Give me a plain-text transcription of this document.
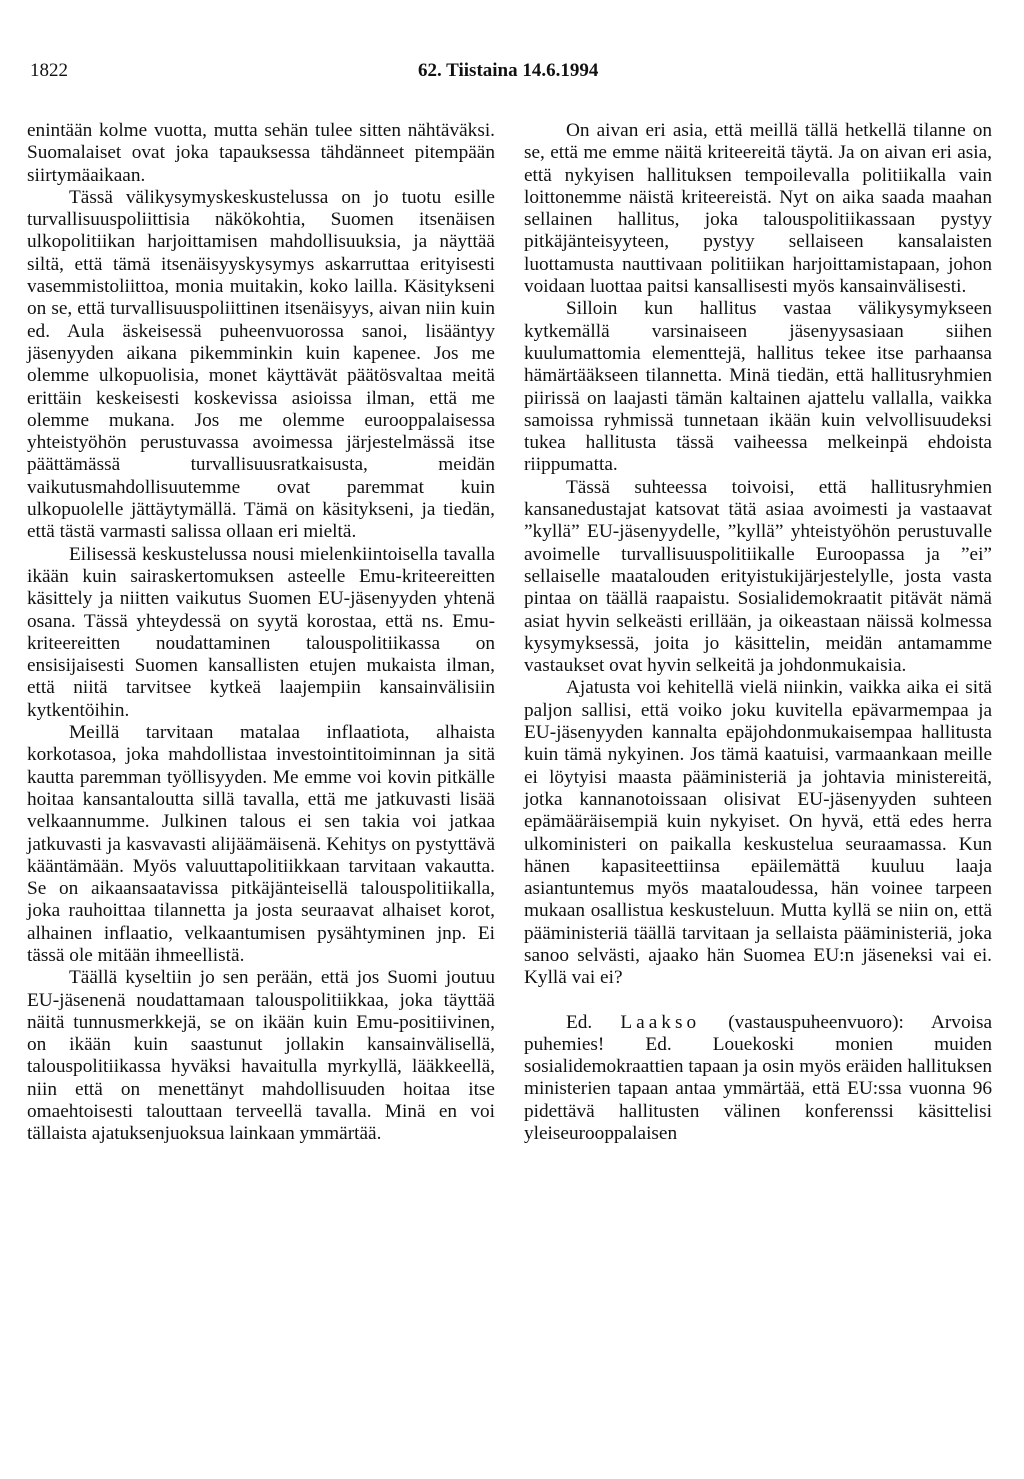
1822	62. Tiistaina 14.6.1994

enintään kolme vuotta, mutta sehän tulee sitten nähtäväksi. Suomalaiset ovat joka tapauksessa tähdänneet pitempään siirtymäaikaan.

Tässä välikysymyskeskustelussa on jo tuotu esille turvallisuuspoliittisia näkökohtia, Suomen itsenäisen ulkopolitiikan harjoittamisen mahdollisuuksia, ja näyttää siltä, että tämä itsenäisyyskysymys askarruttaa erityisesti vasemmistoliittoa, monia muitakin, koko lailla. Käsitykseni on se, että turvallisuuspoliittinen itsenäisyys, aivan niin kuin ed. Aula äskeisessä puheenvuorossa sanoi, lisääntyy jäsenyyden aikana pikemminkin kuin kapenee. Jos me olemme ulkopuolisia, monet käyttävät päätösvaltaa meitä erittäin keskeisesti koskevissa asioissa ilman, että me olemme mukana. Jos me olemme eurooppalaisessa yhteistyöhön perustuvassa avoimessa järjestelmässä itse päättämässä turvallisuusratkaisusta, meidän vaikutusmahdollisuutemme ovat paremmat kuin ulkopuolelle jättäytymällä. Tämä on käsitykseni, ja tiedän, että tästä varmasti salissa ollaan eri mieltä.

Eilisessä keskustelussa nousi mielenkiintoisella tavalla ikään kuin sairaskertomuksen asteelle Emu-kriteereitten käsittely ja niitten vaikutus Suomen EU-jäsenyyden yhtenä osana. Tässä yhteydessä on syytä korostaa, että ns. Emu-kriteereitten noudattaminen talouspolitiikassa on ensisijaisesti Suomen kansallisten etujen mukaista ilman, että niitä tarvitsee kytkeä laajempiin kansainvälisiin kytkentöihin.

Meillä tarvitaan matalaa inflaatiota, alhaista korkotasoa, joka mahdollistaa investointitoiminnan ja sitä kautta paremman työllisyyden. Me emme voi kovin pitkälle hoitaa kansantaloutta sillä tavalla, että me jatkuvasti lisää velkaannumme. Julkinen talous ei sen takia voi jatkaa jatkuvasti ja kasvavasti alijäämäisenä. Kehitys on pystyttävä kääntämään. Myös valuuttapolitiikkaan tarvitaan vakautta. Se on aikaansaatavissa pitkäjänteisellä talouspolitiikalla, joka rauhoittaa tilannetta ja josta seuraavat alhaiset korot, alhainen inflaatio, velkaantumisen pysähtyminen jnp. Ei tässä ole mitään ihmeellistä.

Täällä kyseltiin jo sen perään, että jos Suomi joutuu EU-jäsenenä noudattamaan talouspolitiikkaa, joka täyttää näitä tunnusmerkkejä, se on ikään kuin Emu-positiivinen, on ikään kuin saastunut jollakin kansainvälisellä, talouspolitiikassa hyväksi havaitulla myrkyllä, lääkkeellä, niin että on menettänyt mahdollisuuden hoitaa itse omaehtoisesti talouttaan terveellä tavalla. Minä en voi tällaista ajatuksenjuoksua lainkaan ymmärtää.

On aivan eri asia, että meillä tällä hetkellä tilanne on se, että me emme näitä kriteereitä täytä. Ja on aivan eri asia, että nykyisen hallituksen tempoilevalla politiikalla vain loittonemme näistä kriteereistä. Nyt on aika saada maahan sellainen hallitus, joka talouspolitiikassaan pystyy pitkäjänteisyyteen, pystyy sellaiseen kansalaisten luottamusta nauttivaan politiikan harjoittamistapaan, johon voidaan luottaa paitsi kansallisesti myös kansainvälisesti.

Silloin kun hallitus vastaa välikysymykseen kytkemällä varsinaiseen jäsenyysasiaan siihen kuulumattomia elementtejä, hallitus tekee itse parhaansa hämärtääkseen tilannetta. Minä tiedän, että hallitusryhmien piirissä on laajasti tämän kaltainen ajattelu vallalla, vaikka samoissa ryhmissä tunnetaan ikään kuin velvollisuudeksi tukea hallitusta tässä vaiheessa melkeinpä ehdoista riippumatta.

Tässä suhteessa toivoisi, että hallitusryhmien kansanedustajat katsovat tätä asiaa avoimesti ja vastaavat ”kyllä” EU-jäsenyydelle, ”kyllä” yhteistyöhön perustuvalle avoimelle turvallisuuspolitiikalle Euroopassa ja ”ei” sellaiselle maatalouden erityistukijärjestelylle, josta vasta pintaa on täällä raapaistu. Sosialidemokraatit pitävät nämä asiat hyvin selkeästi erillään, ja oikeastaan näissä kolmessa kysymyksessä, joita jo käsittelin, meidän antamamme vastaukset ovat hyvin selkeitä ja johdonmukaisia.

Ajatusta voi kehitellä vielä niinkin, vaikka aika ei sitä paljon sallisi, että voiko joku kuvitella epävarmempaa ja EU-jäsenyyden kannalta epäjohdonmukaisempaa hallitusta kuin tämä nykyinen. Jos tämä kaatuisi, varmaankaan meille ei löytyisi maasta pääministeriä ja johtavia ministereitä, jotka kannanotoissaan olisivat EU-jäsenyyden suhteen epämääräisempiä kuin nykyiset. On hyvä, että edes herra ulkoministeri on paikalla keskustelua seuraamassa. Kun hänen kapasiteettiinsa epäilemättä kuuluu laaja asiantuntemus myös maataloudessa, hän voinee tarpeen mukaan osallistua keskusteluun. Mutta kyllä se niin on, että pääministeriä täällä tarvitaan ja sellaista pääministeriä, joka sanoo selvästi, ajaako hän Suomea EU:n jäseneksi vai ei. Kyllä vai ei?

Ed. Laakso (vastauspuheenvuoro): Arvoisa puhemies! Ed. Louekoski monien muiden sosialidemokraattien tapaan ja osin myös eräiden hallituksen ministerien tapaan antaa ymmärtää, että EU:ssa vuonna 96 pidettävä hallitusten välinen konferenssi käsittelisi yleiseurooppalaisen
